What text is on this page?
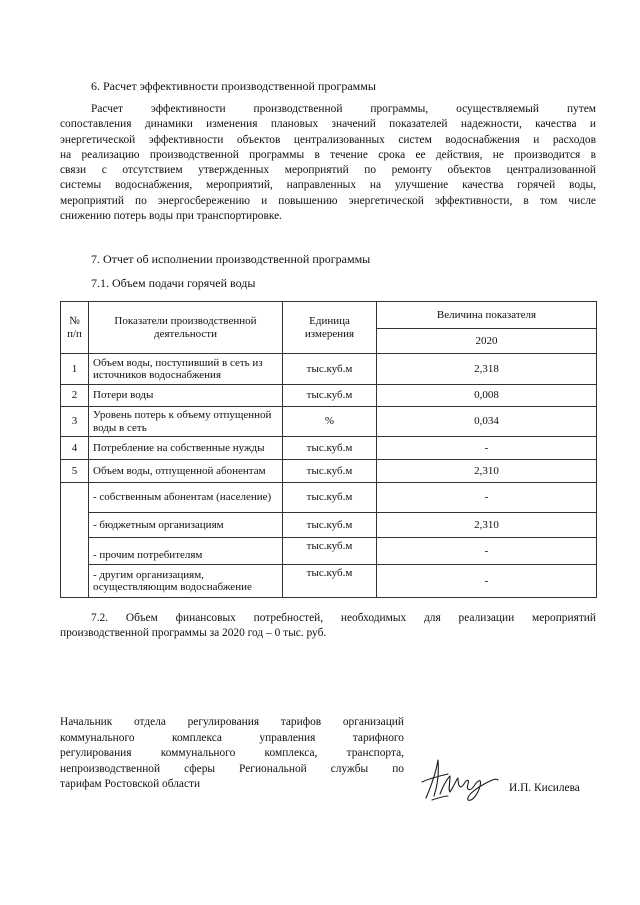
6. Расчет эффективности производственной программы
Расчет эффективности производственной программы, осуществляемый путем
сопоставления динамики изменения плановых значений показателей надежности, качества и
энергетической эффективности объектов централизованных систем водоснабжения и расходов
на реализацию производственной программы в течение срока ее действия, не производится в
связи с отсутствием утвержденных мероприятий по ремонту объектов централизованной
системы водоснабжения, мероприятий, направленных на улучшение качества горячей воды,
мероприятий по энергосбережению и повышению энергетической эффективности, в том числе
снижению потерь воды при транспортировке.
7. Отчет об исполнении производственной программы
7.1. Объем подачи горячей воды
№ п/п	Показатели производственной деятельности	Единица измерения	Величина показателя
			2020
1	Объем воды, поступивший в сеть из источников водоснабжения	тыс.куб.м	2,318
2	Потери воды	тыс.куб.м	0,008
3	Уровень потерь к объему отпущенной воды в сеть	%	0,034
4	Потребление на собственные нужды	тыс.куб.м	-
5	Объем воды, отпущенной абонентам	тыс.куб.м	2,310
	- собственным абонентам (население)	тыс.куб.м	-
	- бюджетным организациям	тыс.куб.м	2,310
	- прочим потребителям	тыс.куб.м	-
	- другим организациям, осуществляющим водоснабжение	тыс.куб.м	-
7.2. Объем финансовых потребностей, необходимых для реализации мероприятий
производственной программы за 2020 год – 0 тыс. руб.
Начальник отдела регулирования тарифов организаций
коммунального комплекса управления тарифного
регулирования коммунального комплекса, транспорта,
непроизводственной сферы Региональной службы по
тарифам Ростовской области	И.П. Кисилева
